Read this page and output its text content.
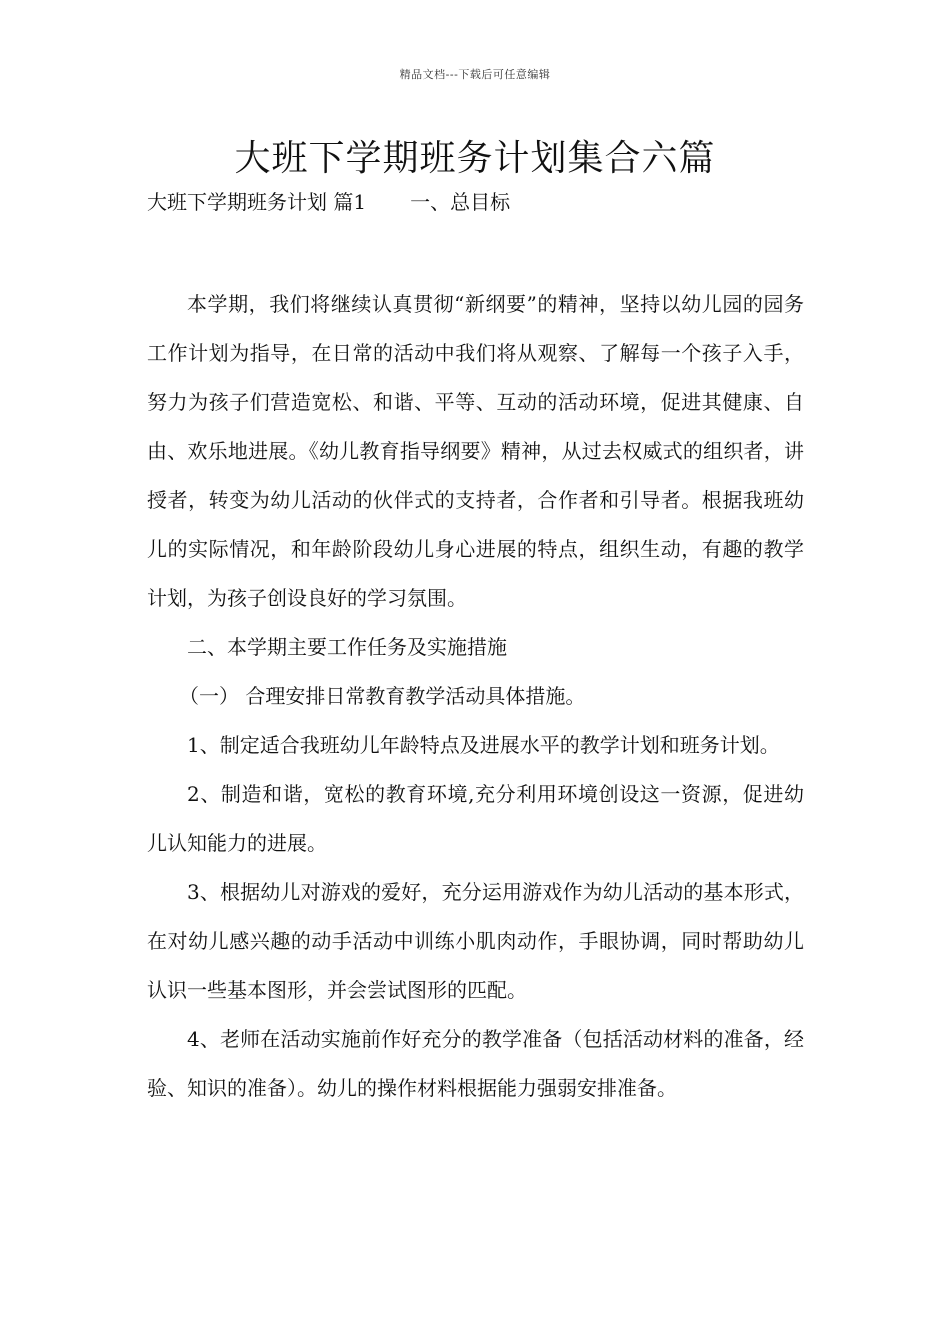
精品文档---下载后可任意编辑
大班下学期班务计划集合六篇
大班下学期班务计划 篇1 一、总目标

本学期，我们将继续认真贯彻“新纲要”的精神，坚持以幼儿园的园务工作计划为指导，在日常的活动中我们将从观察、了解每一个孩子入手，努力为孩子们营造宽松、和谐、平等、互动的活动环境，促进其健康、自由、欢乐地进展。《幼儿教育指导纲要》精神，从过去权威式的组织者，讲授者，转变为幼儿活动的伙伴式的支持者，合作者和引导者。根据我班幼儿的实际情况，和年龄阶段幼儿身心进展的特点，组织生动，有趣的教学计划，为孩子创设良好的学习氛围。

二、本学期主要工作任务及实施措施

（一） 合理安排日常教育教学活动具体措施。

1、制定适合我班幼儿年龄特点及进展水平的教学计划和班务计划。

2、制造和谐，宽松的教育环境,充分利用环境创设这一资源，促进幼儿认知能力的进展。

3、根据幼儿对游戏的爱好，充分运用游戏作为幼儿活动的基本形式，在对幼儿感兴趣的动手活动中训练小肌肉动作，手眼协调，同时帮助幼儿认识一些基本图形，并会尝试图形的匹配。

4、老师在活动实施前作好充分的教学准备（包括活动材料的准备，经验、知识的准备）。幼儿的操作材料根据能力强弱安排准备。
